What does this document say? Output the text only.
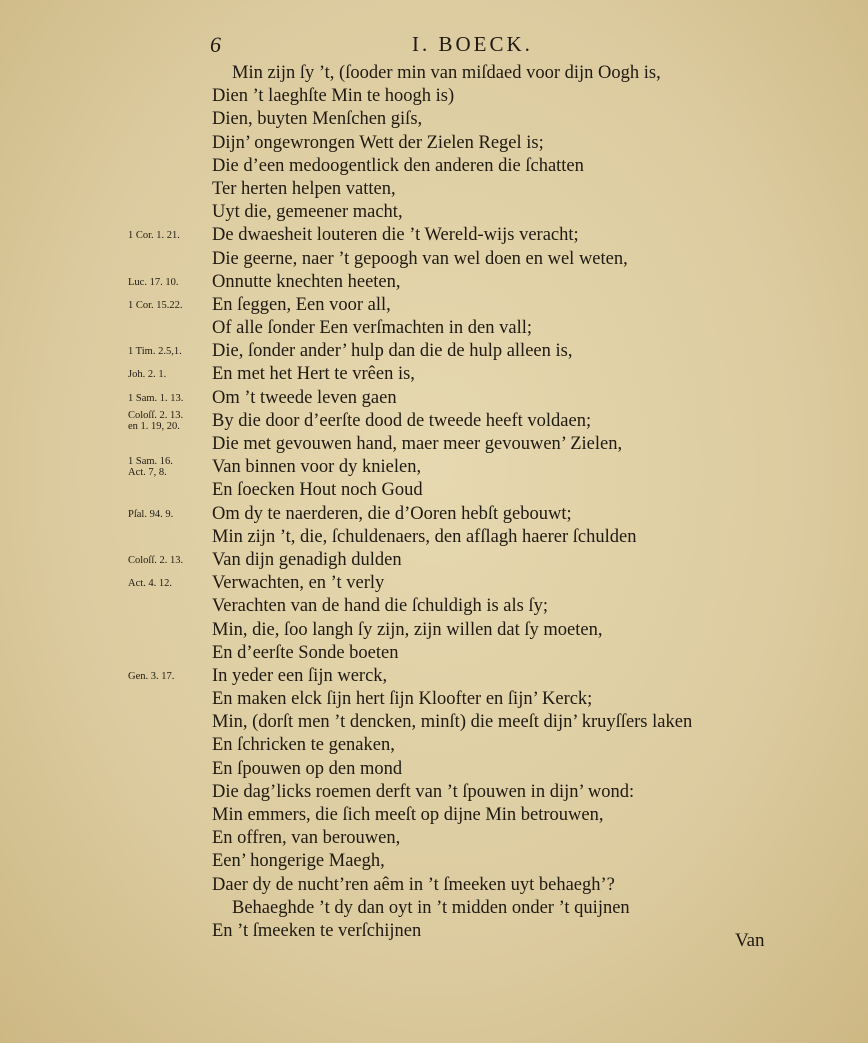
6	I. BOECK.
Min zijn ſy ’t, (ſooder min van miſdaed voor dijn Oogh is,
Dien ’t laeghſte Min te hoogh is)
Dien, buyten Menſchen giſs,
Dijn’ ongewrongen Wett der Zielen Regel is;
Die d’een medoogentlick den anderen die ſchatten
Ter herten helpen vatten,
Uyt die, gemeener macht,
1 Cor. 1. 21.	De dwaesheit louteren die ’t Wereld-wijs veracht;
Die geerne, naer ’t gepoogh van wel doen en wel weten,
Luc. 17. 10.	Onnutte knechten heeten,
1 Cor. 15.22.	En ſeggen, Een voor all,
Of alle ſonder Een verſmachten in den vall;
1 Tim. 2.5,1.	Die, ſonder ander’ hulp dan die de hulp alleen is,
Joh. 2. 1.	En met het Hert te vrêen is,
1 Sam. 1. 13.	Om ’t tweede leven gaen
Coloſſ. 2. 13.
en 1. 19, 20.	By die door d’eerſte dood de tweede heeft voldaen;
Die met gevouwen hand, maer meer gevouwen’ Zielen,
1 Sam. 16.
Act. 7, 8.	Van binnen voor dy knielen,
En ſoecken Hout noch Goud
Pſal. 94. 9.	Om dy te naerderen, die d’Ooren hebſt gebouwt;
Min zijn ’t, die, ſchuldenaers, den afſlagh haerer ſchulden
Coloſſ. 2. 13.	Van dijn genadigh dulden
Act. 4. 12.	Verwachten, en ’t verly
Verachten van de hand die ſchuldigh is als ſy;
Min, die, ſoo langh ſy zijn, zijn willen dat ſy moeten,
En d’eerſte Sonde boeten
Gen. 3. 17.	In yeder een ſijn werck,
En maken elck ſijn hert ſijn Kloofter en ſijn’ Kerck;
Min, (dorſt men ’t dencken, minſt) die meeſt dijn’ kruyſſers laken
En ſchricken te genaken,
En ſpouwen op den mond
Die dag’licks roemen derft van ’t ſpouwen in dijn’ wond:
Min emmers, die ſich meeſt op dijne Min betrouwen,
En offren, van berouwen,
Een’ hongerige Maegh,
Daer dy de nucht’ren aêm in ’t ſmeeken uyt behaegh’?
Behaeghde ’t dy dan oyt in ’t midden onder ’t quijnen
En ’t ſmeeken te verſchijnen	Van
